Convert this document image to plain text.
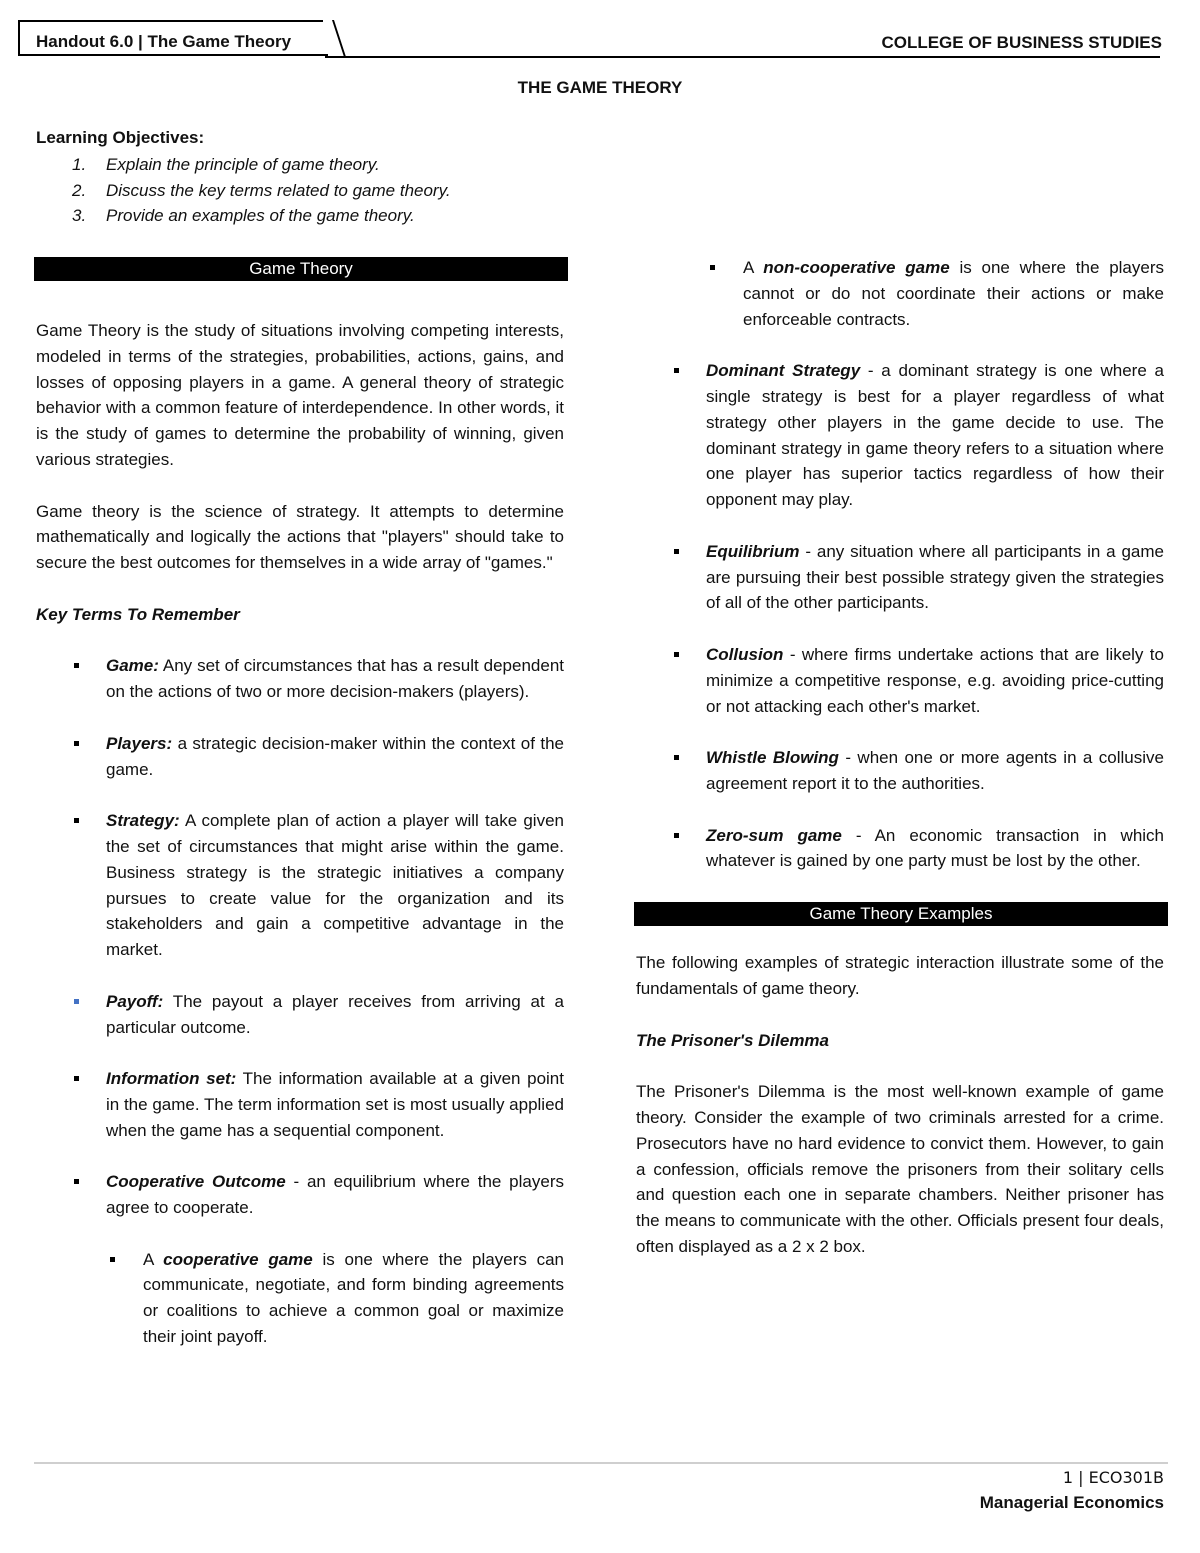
Handout 6.0 | The Game Theory	COLLEGE OF BUSINESS STUDIES
THE GAME THEORY
Learning Objectives:
1.	Explain the principle of game theory.
2.	Discuss the key terms related to game theory.
3.	Provide an examples of the game theory.
Game Theory

Game Theory is the study of situations involving competing interests, modeled in terms of the strategies, probabilities, actions, gains, and losses of opposing players in a game. A general theory of strategic behavior with a common feature of interdependence. In other words, it is the study of games to determine the probability of winning, given various strategies.

Game theory is the science of strategy. It attempts to determine mathematically and logically the actions that "players" should take to secure the best outcomes for themselves in a wide array of "games."

Key Terms To Remember

Game: Any set of circumstances that has a result dependent on the actions of two or more decision-makers (players).
Players: a strategic decision-maker within the context of the game.
Strategy: A complete plan of action a player will take given the set of circumstances that might arise within the game. Business strategy is the strategic initiatives a company pursues to create value for the organization and its stakeholders and gain a competitive advantage in the market.
Payoff: The payout a player receives from arriving at a particular outcome.
Information set: The information available at a given point in the game. The term information set is most usually applied when the game has a sequential component.
Cooperative Outcome - an equilibrium where the players agree to cooperate.
A cooperative game is one where the players can communicate, negotiate, and form binding agreements or coalitions to achieve a common goal or maximize their joint payoff.
A non-cooperative game is one where the players cannot or do not coordinate their actions or make enforceable contracts.
Dominant Strategy - a dominant strategy is one where a single strategy is best for a player regardless of what strategy other players in the game decide to use. The dominant strategy in game theory refers to a situation where one player has superior tactics regardless of how their opponent may play.
Equilibrium - any situation where all participants in a game are pursuing their best possible strategy given the strategies of all of the other participants.
Collusion - where firms undertake actions that are likely to minimize a competitive response, e.g. avoiding price-cutting or not attacking each other's market.
Whistle Blowing - when one or more agents in a collusive agreement report it to the authorities.
Zero-sum game - An economic transaction in which whatever is gained by one party must be lost by the other.
Game Theory Examples

The following examples of strategic interaction illustrate some of the fundamentals of game theory.

The Prisoner's Dilemma

The Prisoner's Dilemma is the most well-known example of game theory. Consider the example of two criminals arrested for a crime. Prosecutors have no hard evidence to convict them. However, to gain a confession, officials remove the prisoners from their solitary cells and question each one in separate chambers. Neither prisoner has the means to communicate with the other. Officials present four deals, often displayed as a 2 x 2 box.

1 | ECO301B
Managerial Economics
